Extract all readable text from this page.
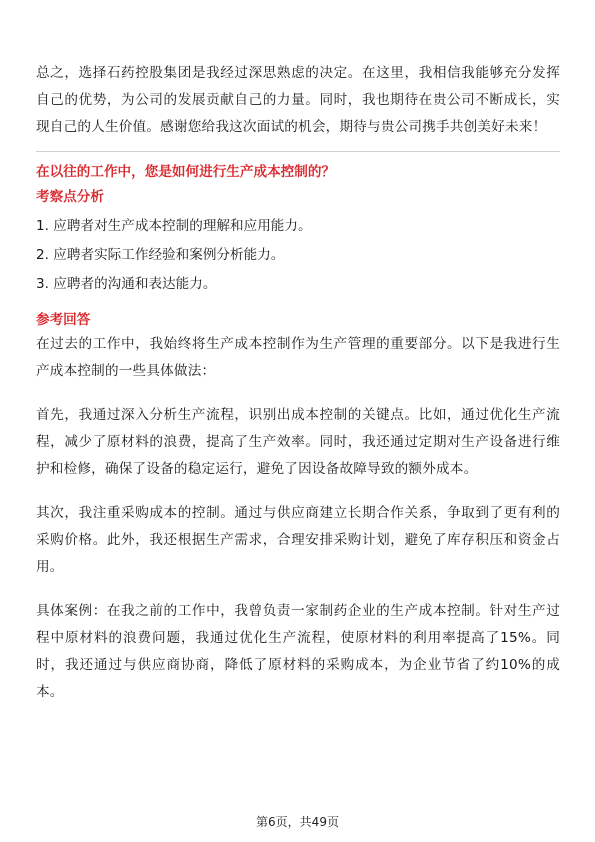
总之，选择石药控股集团是我经过深思熟虑的决定。在这里，我相信我能够充分发挥自己的优势，为公司的发展贡献自己的力量。同时，我也期待在贵公司不断成长，实现自己的人生价值。感谢您给我这次面试的机会，期待与贵公司携手共创美好未来！

在以往的工作中，您是如何进行生产成本控制的？

考察点分析

1. 应聘者对生产成本控制的理解和应用能力。
2. 应聘者实际工作经验和案例分析能力。
3. 应聘者的沟通和表达能力。

参考回答

在过去的工作中，我始终将生产成本控制作为生产管理的重要部分。以下是我进行生产成本控制的一些具体做法：

首先，我通过深入分析生产流程，识别出成本控制的关键点。比如，通过优化生产流程，减少了原材料的浪费，提高了生产效率。同时，我还通过定期对生产设备进行维护和检修，确保了设备的稳定运行，避免了因设备故障导致的额外成本。

其次，我注重采购成本的控制。通过与供应商建立长期合作关系，争取到了更有利的采购价格。此外，我还根据生产需求，合理安排采购计划，避免了库存积压和资金占用。

具体案例：在我之前的工作中，我曾负责一家制药企业的生产成本控制。针对生产过程中原材料的浪费问题，我通过优化生产流程，使原材料的利用率提高了15%。同时，我还通过与供应商协商，降低了原材料的采购成本，为企业节省了约10%的成本。

第6页，共49页
